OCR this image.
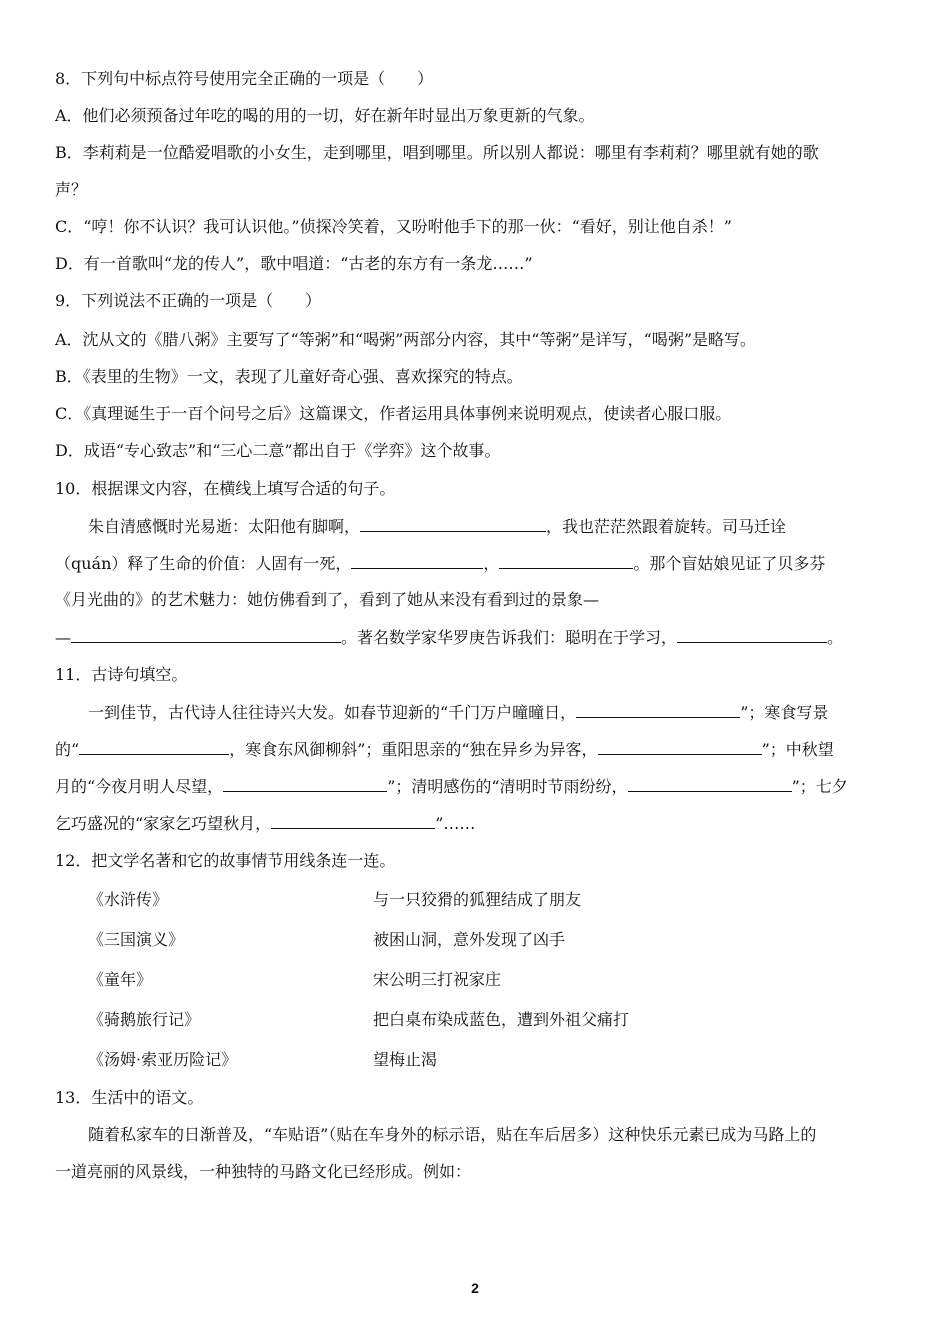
8．下列句中标点符号使用完全正确的一项是（　　）
A．他们必须预备过年吃的喝的用的一切，好在新年时显出万象更新的气象。
B．李莉莉是一位酷爱唱歌的小女生，走到哪里，唱到哪里。所以别人都说：哪里有李莉莉？哪里就有她的歌
声？
C．“哼！你不认识？我可认识他。”侦探冷笑着，又吩咐他手下的那一伙：“看好，别让他自杀！”
D．有一首歌叫“龙的传人”，歌中唱道：“古老的东方有一条龙……”
9．下列说法不正确的一项是（　　）
A．沈从文的《腊八粥》主要写了“等粥”和“喝粥”两部分内容，其中“等粥”是详写，“喝粥”是略写。
B．《表里的生物》一文，表现了儿童好奇心强、喜欢探究的特点。
C．《真理诞生于一百个问号之后》这篇课文，作者运用具体事例来说明观点，使读者心服口服。
D．成语“专心致志”和“三心二意”都出自于《学弈》这个故事。
10．根据课文内容，在横线上填写合适的句子。
朱自清感慨时光易逝：太阳他有脚啊，	，我也茫茫然跟着旋转。司马迁诠
（quán）释了生命的价值：人固有一死，	，	。那个盲姑娘见证了贝多芬
《月光曲的》的艺术魅力：她仿佛看到了，看到了她从来没有看到过的景象—
—	。著名数学家华罗庚告诉我们：聪明在于学习，	。
11．古诗句填空。
一到佳节，古代诗人往往诗兴大发。如春节迎新的“千门万户曈曈日，	”；寒食写景
的“	，寒食东风御柳斜”；重阳思亲的“独在异乡为异客，	”；中秋望
月的“今夜月明人尽望，	”；清明感伤的“清明时节雨纷纷，	”；七夕
乞巧盛况的“家家乞巧望秋月，	”……
12．把文学名著和它的故事情节用线条连一连。
《水浒传》	与一只狡猾的狐狸结成了朋友
《三国演义》	被困山洞，意外发现了凶手
《童年》	宋公明三打祝家庄
《骑鹅旅行记》	把白桌布染成蓝色，遭到外祖父痛打
《汤姆·索亚历险记》	望梅止渴
13．生活中的语文。
随着私家车的日渐普及，“车贴语”（贴在车身外的标示语，贴在车后居多）这种快乐元素已成为马路上的
一道亮丽的风景线，一种独特的马路文化已经形成。例如：
2
